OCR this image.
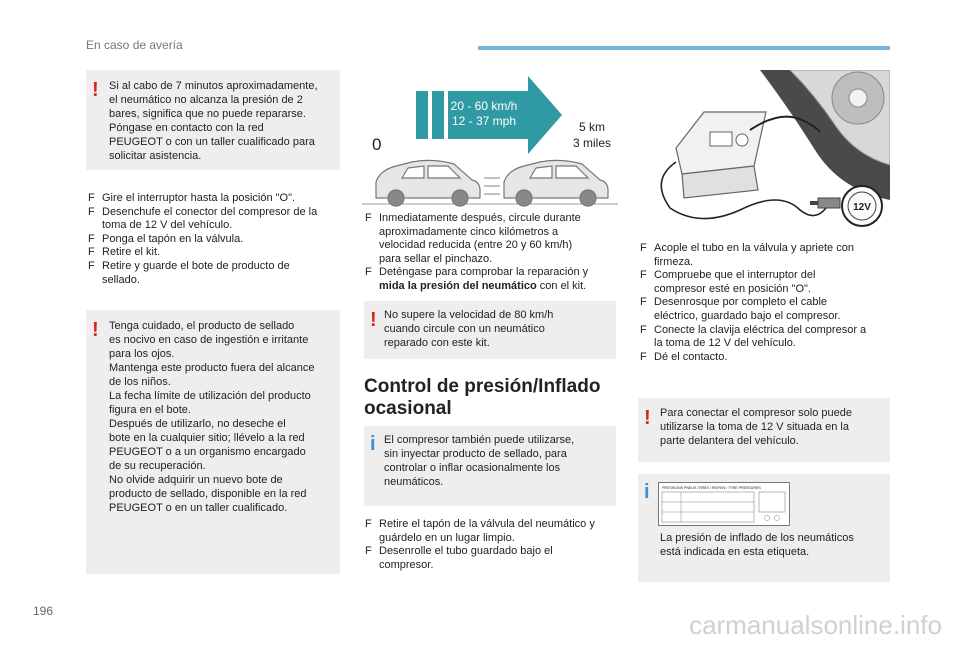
En caso de avería
! Si al cabo de 7 minutos aproximadamente,
el neumático no alcanza la presión de 2
bares, significa que no puede repararse.
Póngase en contacto con la red
PEUGEOT o con un taller cualificado para
solicitar asistencia.
F Gire el interruptor hasta la posición "O".
F Desenchufe el conector del compresor de la
toma de 12 V del vehículo.
F Ponga el tapón en la válvula.
F Retire el kit.
F Retire y guarde el bote de producto de
sellado.
! Tenga cuidado, el producto de sellado
es nocivo en caso de ingestión e irritante
para los ojos.
Mantenga este producto fuera del alcance
de los niños.
La fecha límite de utilización del producto
figura en el bote.
Después de utilizarlo, no deseche el
bote en la cualquier sitio; llévelo a la red
PEUGEOT o a un organismo encargado
de su recuperación.
No olvide adquirir un nuevo bote de
producto de sellado, disponible en la red
PEUGEOT o en un taller cualificado.
20 - 60 km/h
12 - 37 mph
0
5 km
3 miles
F Inmediatamente después, circule durante
aproximadamente cinco kilómetros a
velocidad reducida (entre 20 y 60 km/h)
para sellar el pinchazo.
F Deténgase para comprobar la reparación y
mida la presión del neumático con el kit.
! No supere la velocidad de 80 km/h
cuando circule con un neumático
reparado con este kit.
Control de presión/Inflado
ocasional
i El compresor también puede utilizarse,
sin inyectar producto de sellado, para
controlar o inflar ocasionalmente los
neumáticos.
F Retire el tapón de la válvula del neumático y
guárdelo en un lugar limpio.
F Desenrolle el tubo guardado bajo el
compresor.
12V
F Acople el tubo en la válvula y apriete con
firmeza.
F Compruebe que el interruptor del
compresor esté en posición "O".
F Desenrosque por completo el cable
eléctrico, guardado bajo el compresor.
F Conecte la clavija eléctrica del compresor a
la toma de 12 V del vehículo.
F Dé el contacto.
! Para conectar el compresor solo puede
utilizarse la toma de 12 V situada en la
parte delantera del vehículo.
i	PRESSIONS PNEUS /TIRES / REIFEN / TYRE PRESSURES
La presión de inflado de los neumáticos
está indicada en esta etiqueta.
196	carmanualsonline.info
